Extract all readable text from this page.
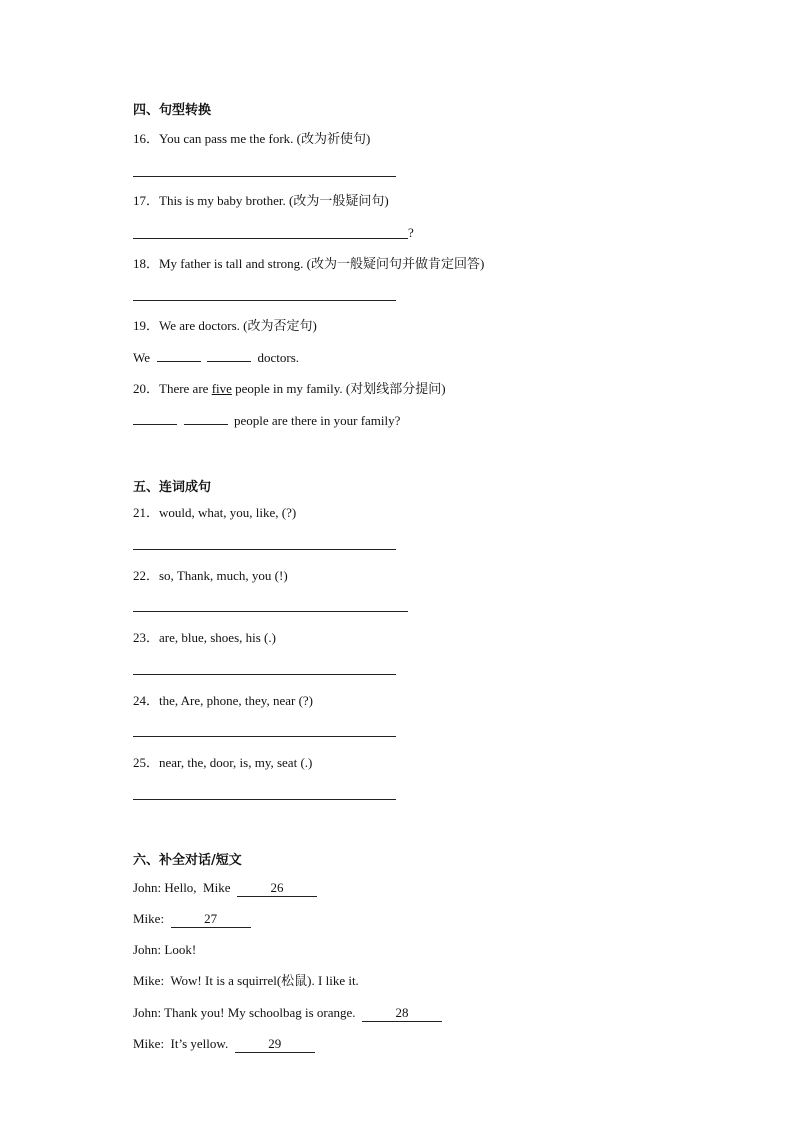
四、句型转换
16．You can pass me the fork. (改为祈使句)
17．This is my baby brother. (改为一般疑问句)
?
18．My father is tall and strong. (改为一般疑问句并做肯定回答)
19．We are doctors. (改为否定句)
We	doctors.
20．There are five people in my family. (对划线部分提问)
people are there in your family?
五、连词成句
21．would, what, you, like, (?)
22．so, Thank, much, you (!)
23．are, blue, shoes, his (.)
24．the, Are, phone, they, near (?)
25．near, the, door, is, my, seat (.)
六、补全对话/短文
John: Hello,  Mike	26
Mike:	27
John: Look!
Mike:  Wow! It is a squirrel(松鼠). I like it.
John: Thank you! My schoolbag is orange.	28
Mike:  It’s yellow.	29
